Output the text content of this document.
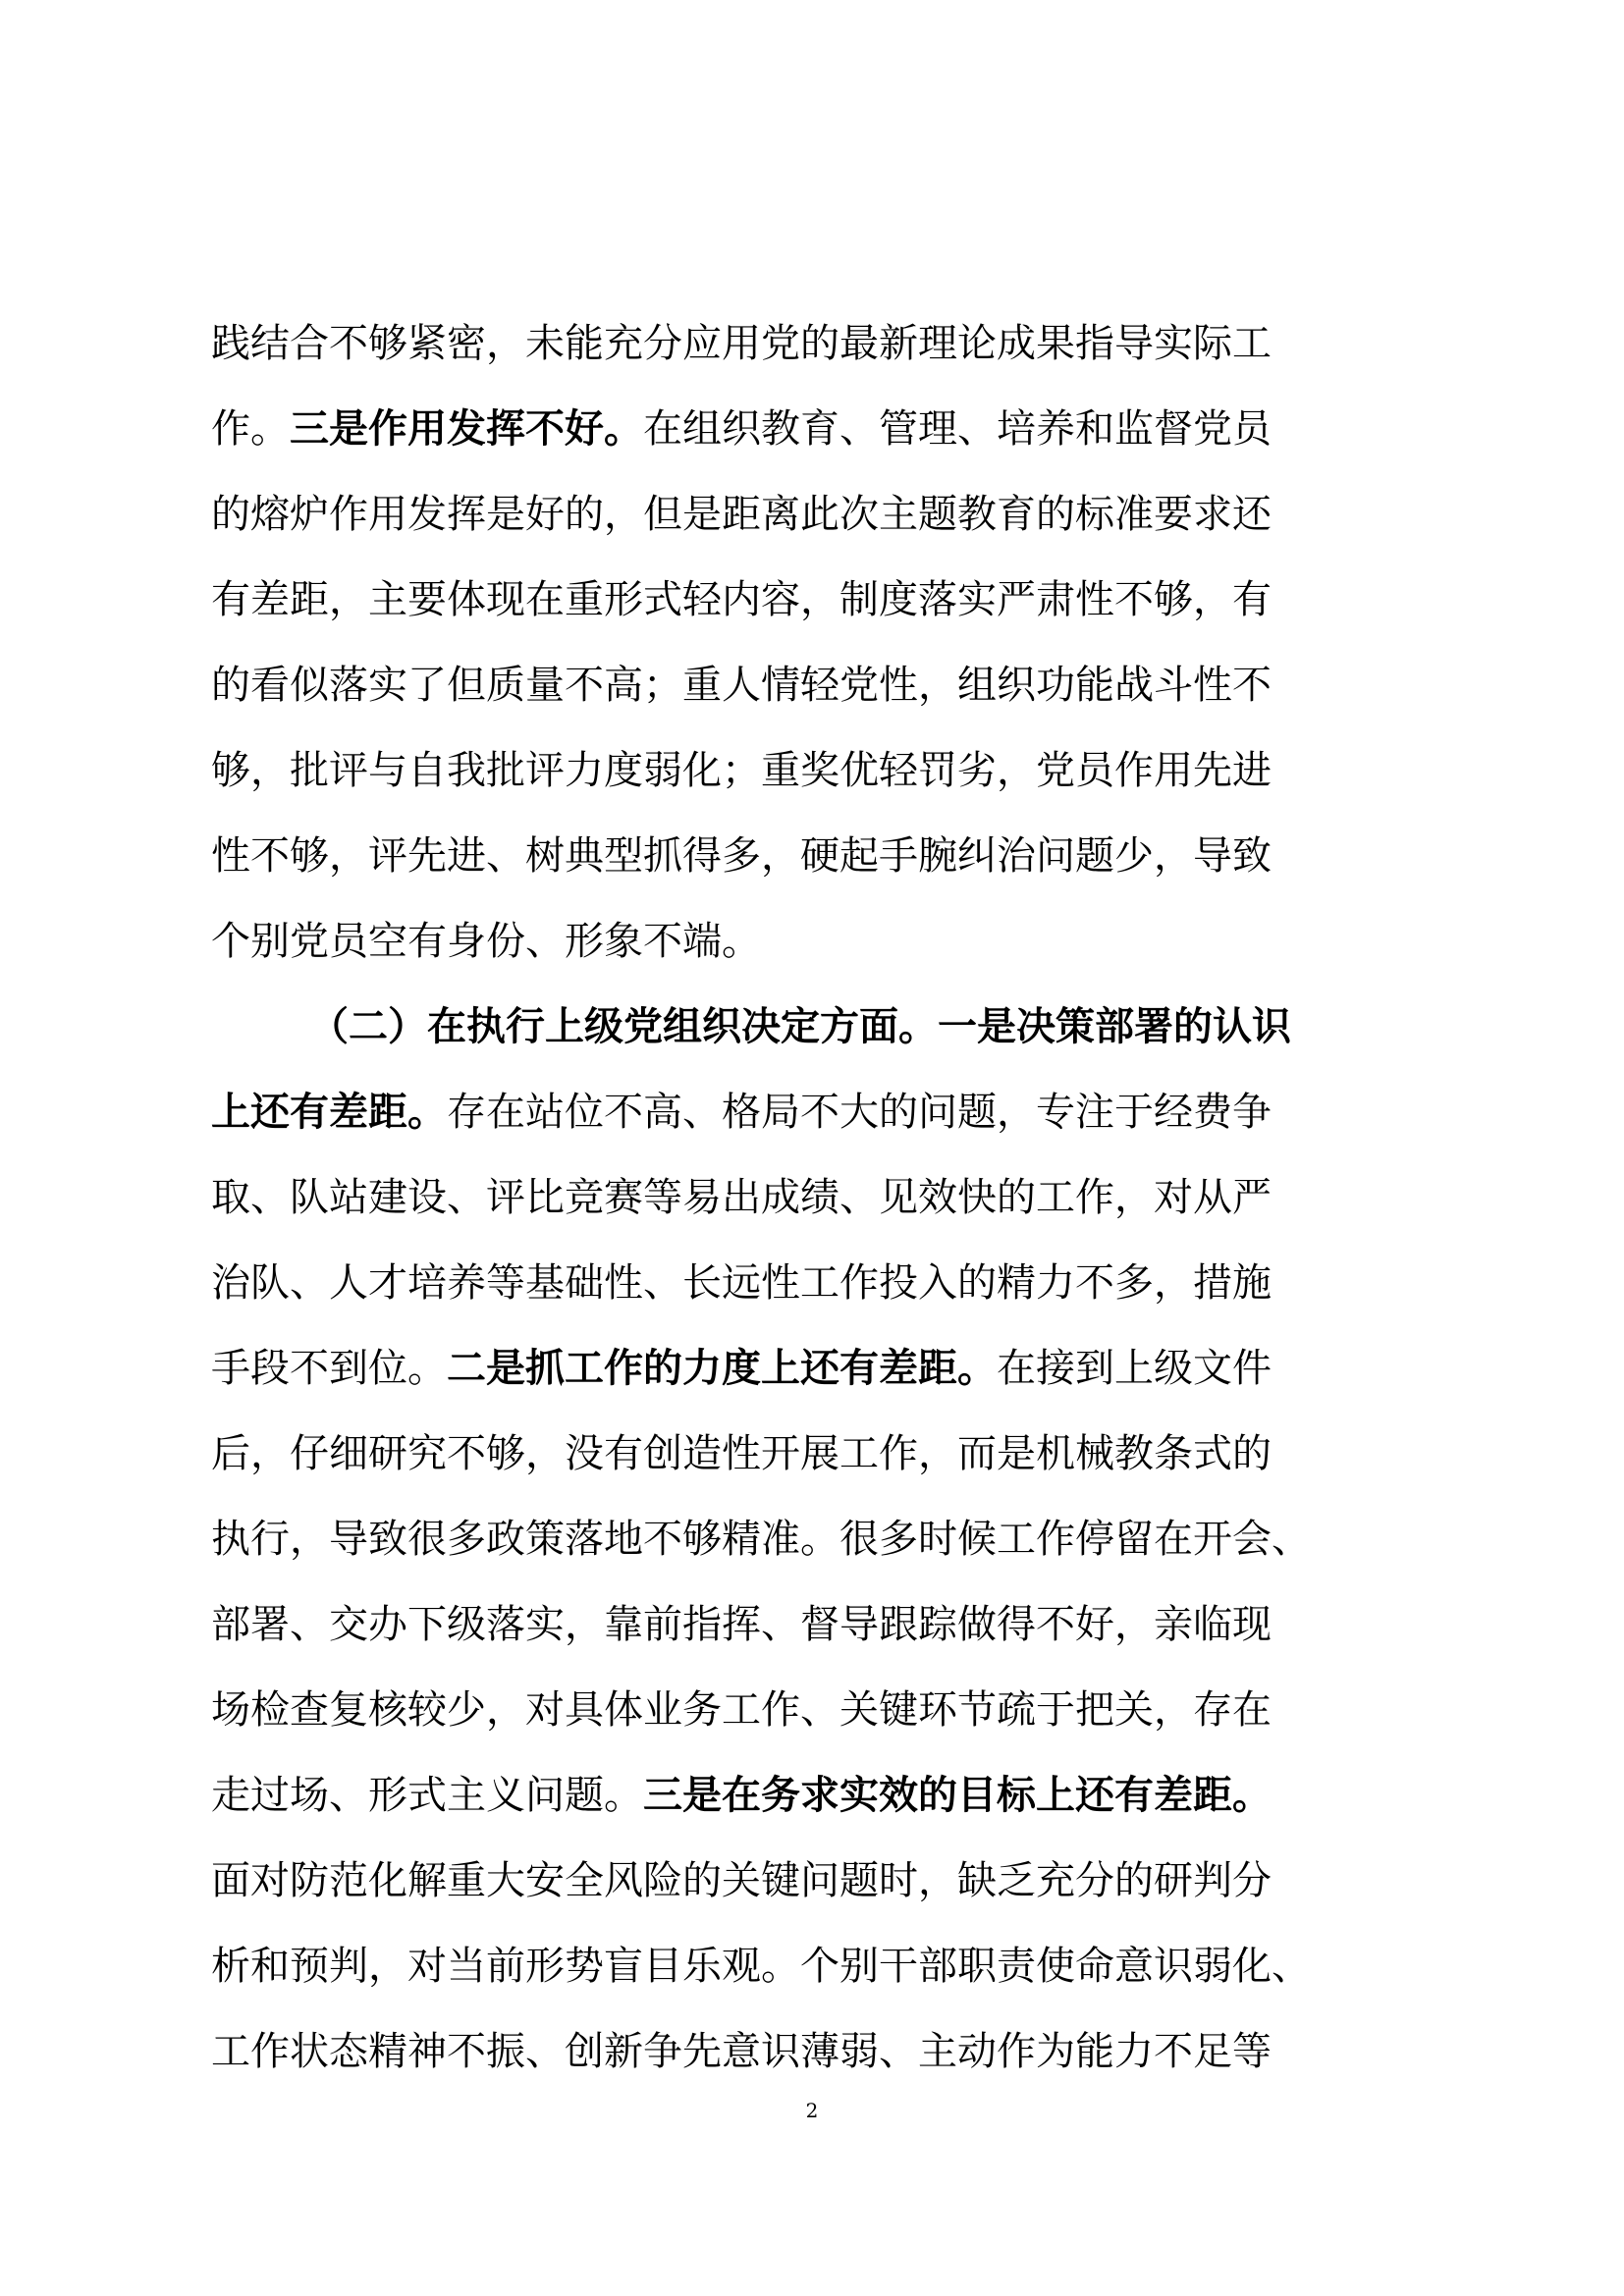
践结合不够紧密，未能充分应用党的最新理论成果指导实际工
作。三是作用发挥不好。在组织教育、管理、培养和监督党员
的熔炉作用发挥是好的，但是距离此次主题教育的标准要求还
有差距，主要体现在重形式轻内容，制度落实严肃性不够，有
的看似落实了但质量不高；重人情轻党性，组织功能战斗性不
够，批评与自我批评力度弱化；重奖优轻罚劣，党员作用先进
性不够，评先进、树典型抓得多，硬起手腕纠治问题少，导致
个别党员空有身份、形象不端。
（二）在执行上级党组织决定方面。一是决策部署的认识
上还有差距。存在站位不高、格局不大的问题，专注于经费争
取、队站建设、评比竞赛等易出成绩、见效快的工作，对从严
治队、人才培养等基础性、长远性工作投入的精力不多，措施
手段不到位。二是抓工作的力度上还有差距。在接到上级文件
后，仔细研究不够，没有创造性开展工作，而是机械教条式的
执行，导致很多政策落地不够精准。很多时候工作停留在开会、
部署、交办下级落实，靠前指挥、督导跟踪做得不好，亲临现
场检查复核较少，对具体业务工作、关键环节疏于把关，存在
走过场、形式主义问题。三是在务求实效的目标上还有差距。
面对防范化解重大安全风险的关键问题时，缺乏充分的研判分
析和预判，对当前形势盲目乐观。个别干部职责使命意识弱化、
工作状态精神不振、创新争先意识薄弱、主动作为能力不足等
2
